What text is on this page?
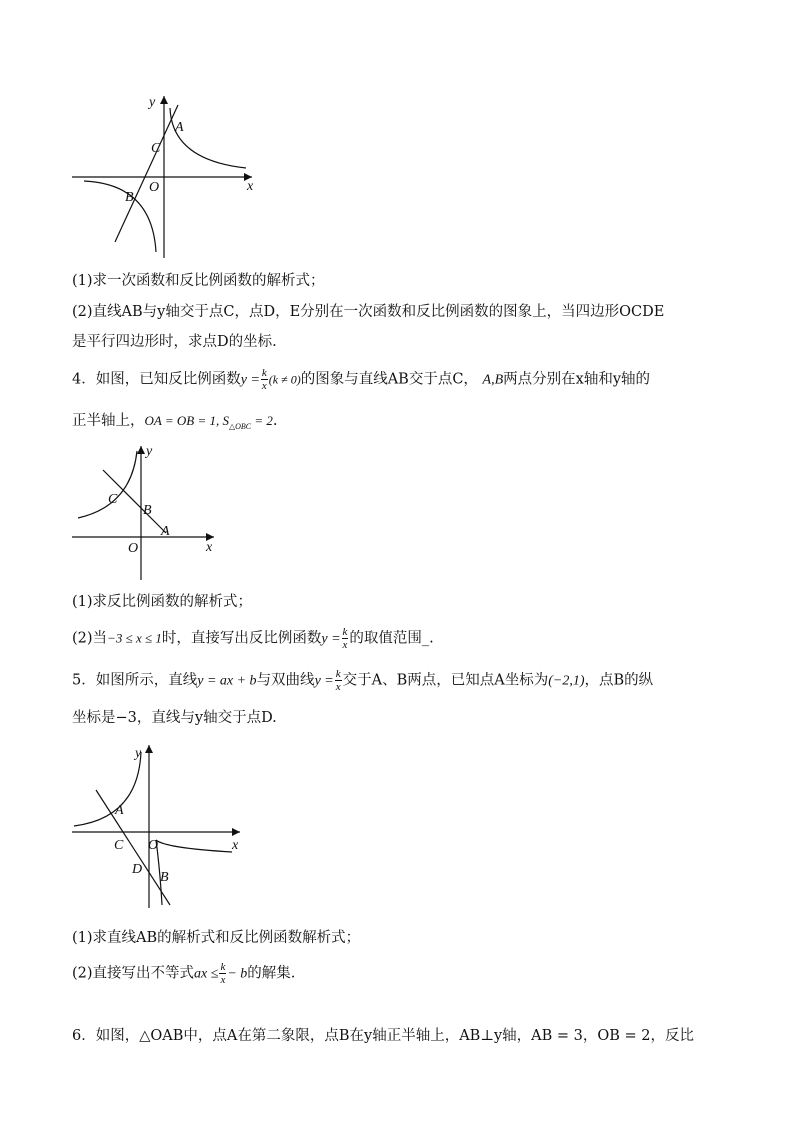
y
x
A
C
O
B
(1)求一次函数和反比例函数的解析式；
(2)直线AB与y轴交于点C，点D，E分别在一次函数和反比例函数的图象上，当四边形OCDE
是平行四边形时，求点D的坐标.
4．如图，已知反比例函数$y = \frac{k}{x} (k \ne 0)$的图象与直线AB交于点C， A,B两点分别在x轴和y轴的
正半轴上，OA = OB = 1, $S_{\triangle OBC} = 2$.
y
x
C
B
A
O
(1)求反比例函数的解析式；
(2)当−3 ≤ x ≤ 1时，直接写出反比例函数$y = \frac{k}{x}$ 的取值范围_.
5．如图所示，直线y = ax + b与双曲线$y = \frac{k}{x}$ 交于A、B两点，已知点A坐标为(−2,1)，点B的纵
坐标是−3，直线与y轴交于点D.
y
x
A
C O
D
B
(1)求直线AB的解析式和反比例函数解析式；
(2)直接写出不等式ax ≤ $\frac{k}{x} - b$的解集.
6．如图，△OAB中，点A在第二象限，点B在y轴正半轴上，AB⊥y轴，AB = 3，OB = 2，反比
